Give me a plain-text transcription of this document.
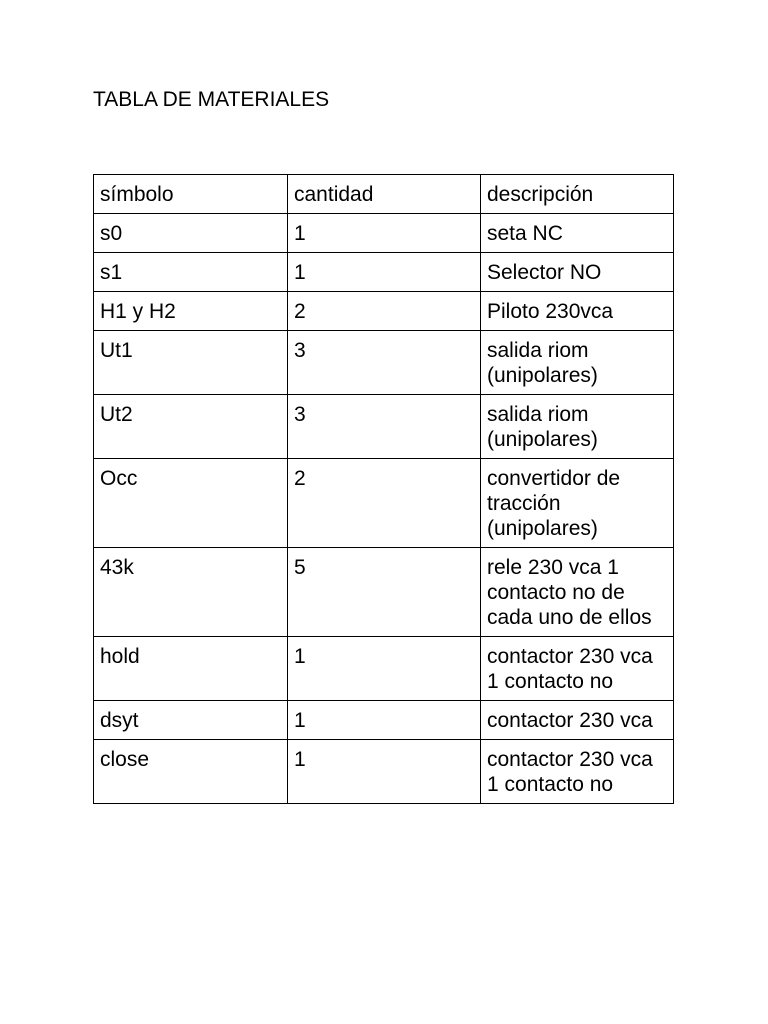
TABLA DE MATERIALES
símbolo	cantidad	descripción
s0	1	seta NC
s1	1	Selector NO
H1 y H2	2	Piloto 230vca
Ut1	3	salida riom (unipolares)
Ut2	3	salida riom (unipolares)
Occ	2	convertidor de tracción (unipolares)
43k	5	rele 230 vca 1 contacto no de cada uno de ellos
hold	1	contactor 230 vca 1 contacto no
dsyt	1	contactor 230 vca
close	1	contactor 230 vca 1 contacto no
